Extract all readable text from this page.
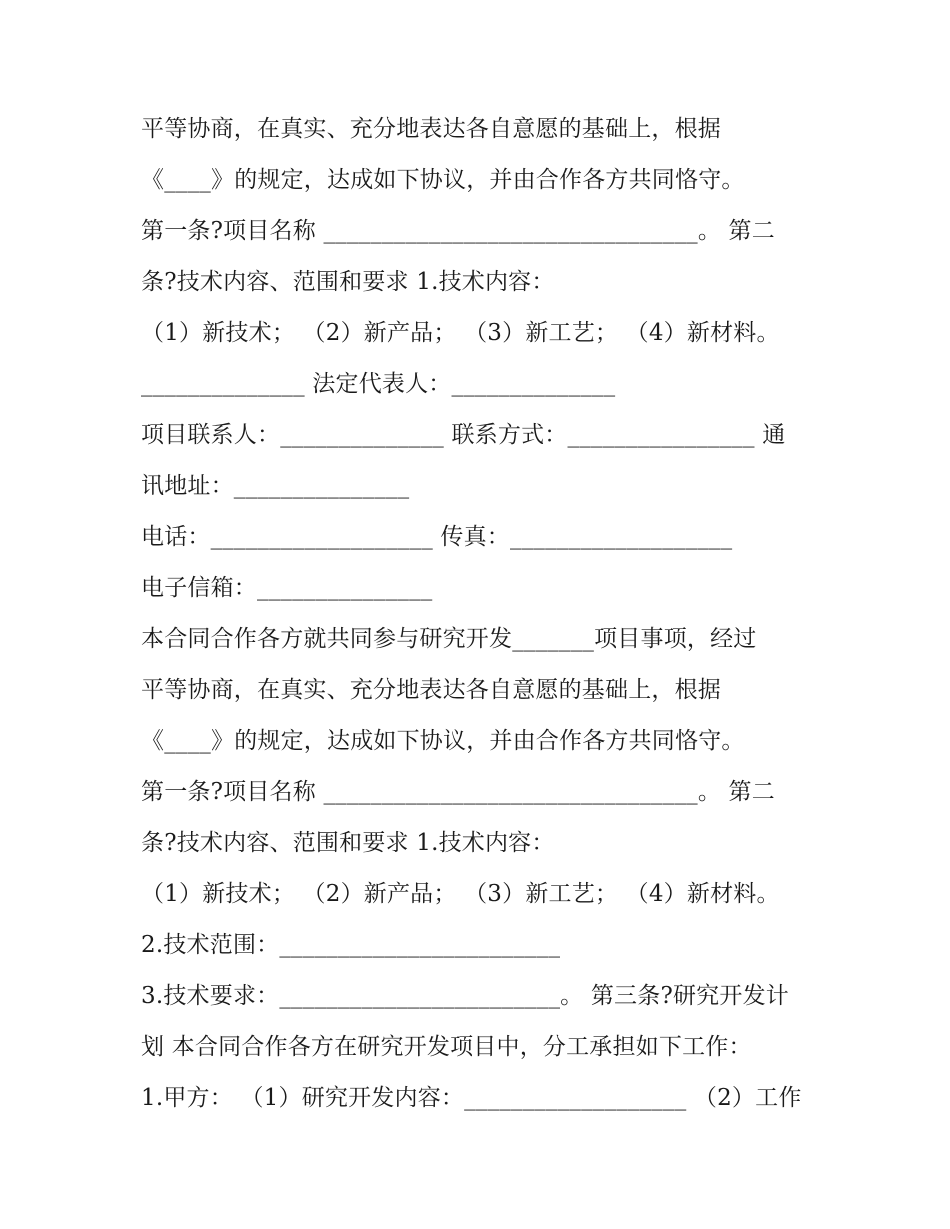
平等协商，在真实、充分地表达各自意愿的基础上，根据
《____》的规定，达成如下协议，并由合作各方共同恪守。
第一条?项目名称 ________________________________。 第二
条?技术内容、范围和要求 1.技术内容：
（1）新技术； （2）新产品； （3）新工艺； （4）新材料。
______________ 法定代表人：______________
项目联系人：______________ 联系方式：________________ 通
讯地址：_______________
电话：___________________ 传真：___________________
电子信箱：_______________
本合同合作各方就共同参与研究开发_______项目事项，经过
平等协商，在真实、充分地表达各自意愿的基础上，根据
《____》的规定，达成如下协议，并由合作各方共同恪守。
第一条?项目名称 ________________________________。 第二
条?技术内容、范围和要求 1.技术内容：
（1）新技术； （2）新产品； （3）新工艺； （4）新材料。
2.技术范围：________________________
3.技术要求：________________________。 第三条?研究开发计
划 本合同合作各方在研究开发项目中，分工承担如下工作：
1.甲方： （1）研究开发内容：___________________ （2）工作
